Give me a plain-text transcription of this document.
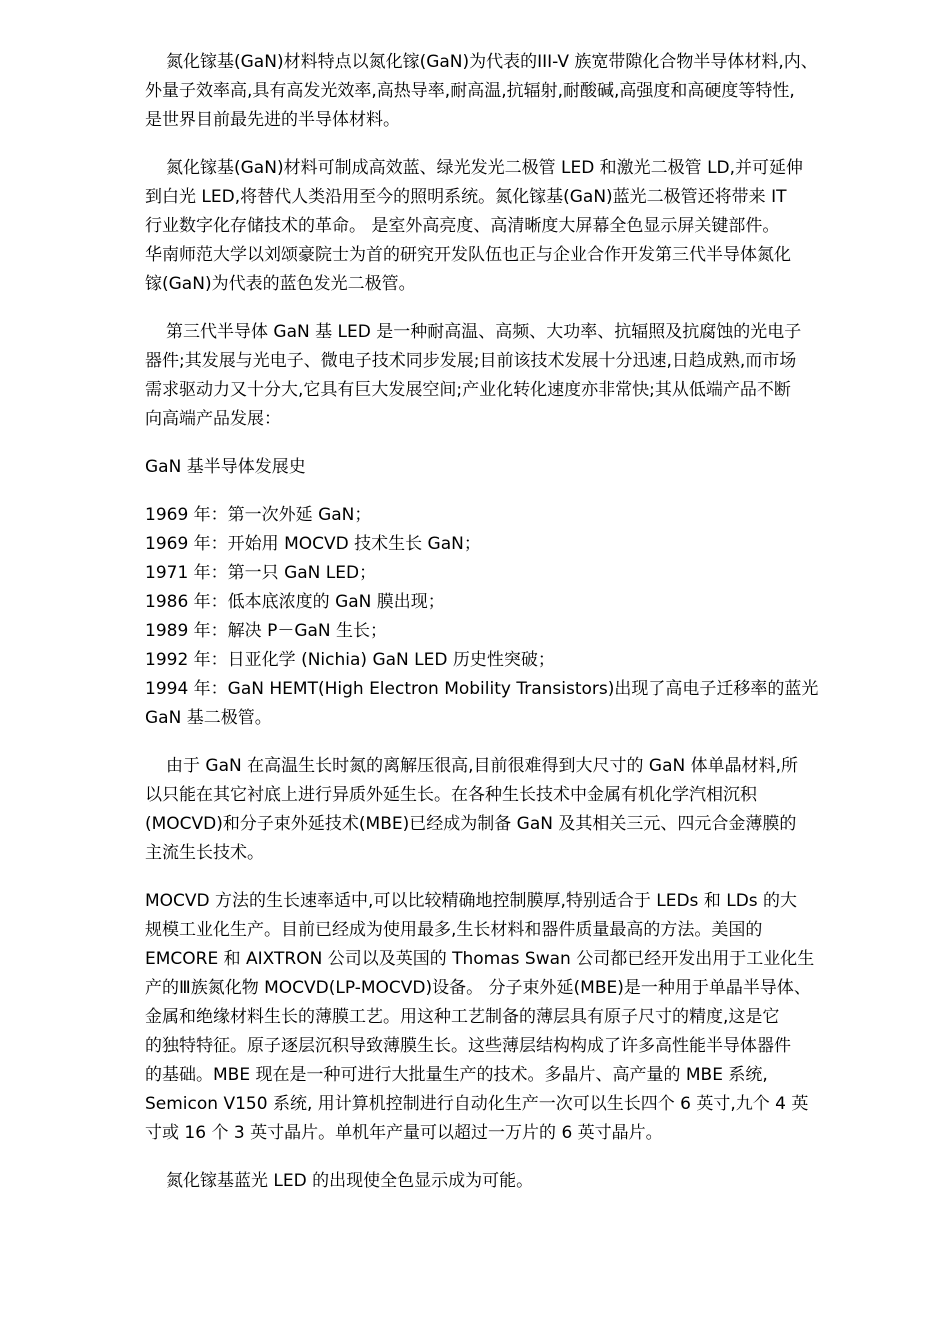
氮化镓基(GaN)材料特点以氮化镓(GaN)为代表的III-V 族宽带隙化合物半导体材料,内、
外量子效率高,具有高发光效率,高热导率,耐高温,抗辐射,耐酸碱,高强度和高硬度等特性,
是世界目前最先进的半导体材料。

氮化镓基(GaN)材料可制成高效蓝、绿光发光二极管 LED 和激光二极管 LD,并可延伸
到白光 LED,将替代人类沿用至今的照明系统。氮化镓基(GaN)蓝光二极管还将带来 IT
行业数字化存储技术的革命。 是室外高亮度、高清晰度大屏幕全色显示屏关键部件。
华南师范大学以刘颂豪院士为首的研究开发队伍也正与企业合作开发第三代半导体氮化
镓(GaN)为代表的蓝色发光二极管。

第三代半导体 GaN 基 LED 是一种耐高温、高频、大功率、抗辐照及抗腐蚀的光电子
器件;其发展与光电子、微电子技术同步发展;目前该技术发展十分迅速,日趋成熟,而市场
需求驱动力又十分大,它具有巨大发展空间;产业化转化速度亦非常快;其从低端产品不断
向高端产品发展：

GaN 基半导体发展史

1969 年：第一次外延 GaN；
1969 年：开始用 MOCVD 技术生长 GaN；
1971 年：第一只 GaN LED；
1986 年：低本底浓度的 GaN 膜出现；
1989 年：解决 P－GaN 生长；
1992 年：日亚化学 (Nichia) GaN LED 历史性突破；
1994 年：GaN HEMT(High Electron Mobility Transistors)出现了高电子迁移率的蓝光
GaN 基二极管。

由于 GaN 在高温生长时氮的离解压很高,目前很难得到大尺寸的 GaN 体单晶材料,所
以只能在其它衬底上进行异质外延生长。在各种生长技术中金属有机化学汽相沉积
(MOCVD)和分子束外延技术(MBE)已经成为制备 GaN 及其相关三元、四元合金薄膜的
主流生长技术。

MOCVD 方法的生长速率适中,可以比较精确地控制膜厚,特别适合于 LEDs 和 LDs 的大
规模工业化生产。目前已经成为使用最多,生长材料和器件质量最高的方法。美国的
EMCORE 和 AIXTRON 公司以及英国的 Thomas Swan 公司都已经开发出用于工业化生
产的Ⅲ族氮化物 MOCVD(LP-MOCVD)设备。 分子束外延(MBE)是一种用于单晶半导体、
金属和绝缘材料生长的薄膜工艺。用这种工艺制备的薄层具有原子尺寸的精度,这是它
的独特特征。原子逐层沉积导致薄膜生长。这些薄层结构构成了许多高性能半导体器件
的基础。MBE 现在是一种可进行大批量生产的技术。多晶片、高产量的 MBE 系统,
Semicon V150 系统, 用计算机控制进行自动化生产一次可以生长四个 6 英寸,九个 4 英
寸或 16 个 3 英寸晶片。单机年产量可以超过一万片的 6 英寸晶片。

氮化镓基蓝光 LED 的出现使全色显示成为可能。
